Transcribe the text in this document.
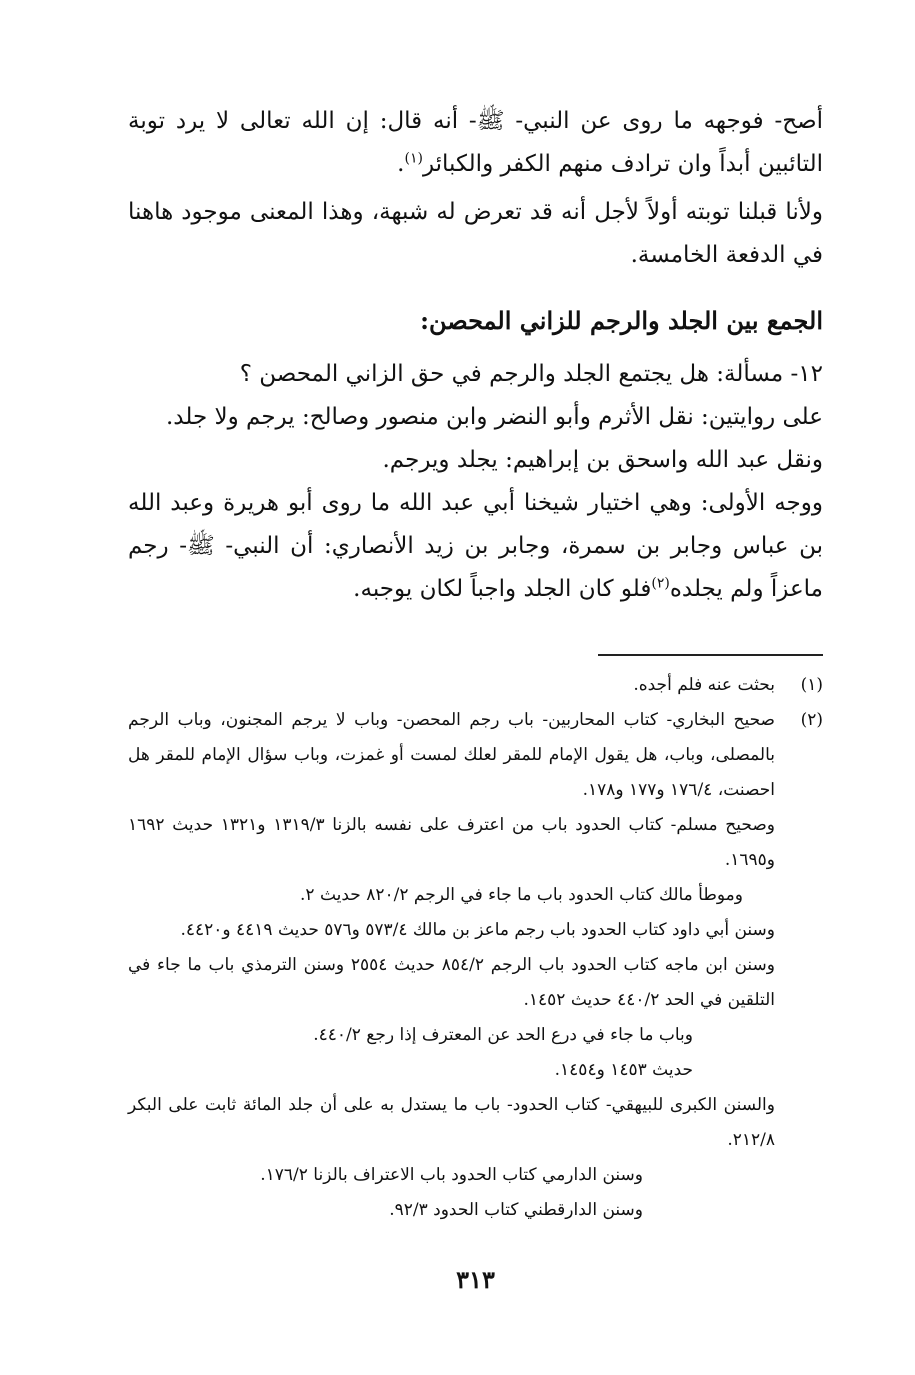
أصح- فوجهه ما روى عن النبي- ﷺ- أنه قال: إن الله تعالى لا يرد توبة التائبين أبداً وان ترادف منهم الكفر والكبائر$^{(١)}$.

ولأنا قبلنا توبته أولاً لأجل أنه قد تعرض له شبهة، وهذا المعنى موجود هاهنا في الدفعة الخامسة.

الجمع بين الجلد والرجم للزاني المحصن:

١٢- مسألة: هل يجتمع الجلد والرجم في حق الزاني المحصن ؟

على روايتين: نقل الأثرم وأبو النضر وابن منصور وصالح: يرجم ولا جلد.

ونقل عبد الله واسحق بن إبراهيم: يجلد ويرجم.

ووجه الأولى: وهي اختيار شيخنا أبي عبد الله ما روى أبو هريرة وعبد الله بن عباس وجابر بن سمرة، وجابر بن زيد الأنصاري: أن النبي- ﷺ- رجم ماعزاً ولم يجلده$^{(٢)}$فلو كان الجلد واجباً لكان يوجبه.

(١)
بحثت عنه فلم أجده.
(٢)
صحيح البخاري- كتاب المحاربين- باب رجم المحصن- وباب لا يرجم المجنون، وباب الرجم بالمصلى، وباب، هل يقول الإمام للمقر لعلك لمست أو غمزت، وباب سؤال الإمام للمقر هل احصنت، ١٧٦/٤ و١٧٧ و١٧٨.

وصحيح مسلم- كتاب الحدود باب من اعترف على نفسه بالزنا ١٣١٩/٣ و١٣٢١ حديث ١٦٩٢ و١٦٩٥.

وموطأ مالك كتاب الحدود باب ما جاء في الرجم ٨٢٠/٢ حديث ٢.

وسنن أبي داود كتاب الحدود باب رجم ماعز بن مالك ٥٧٣/٤ و٥٧٦ حديث ٤٤١٩ و٤٤٢٠.

وسنن ابن ماجه كتاب الحدود باب الرجم ٨٥٤/٢ حديث ٢٥٥٤ وسنن الترمذي باب ما جاء في التلقين في الحد ٤٤٠/٢ حديث ١٤٥٢.

وباب ما جاء في درع الحد عن المعترف إذا رجع ٤٤٠/٢.

حديث ١٤٥٣ و١٤٥٤.

والسنن الكبرى للبيهقي- كتاب الحدود- باب ما يستدل به على أن جلد المائة ثابت على البكر ٢١٢/٨.

وسنن الدارمي كتاب الحدود باب الاعتراف بالزنا ١٧٦/٢.

وسنن الدارقطني كتاب الحدود ٩٢/٣.

٣١٣
